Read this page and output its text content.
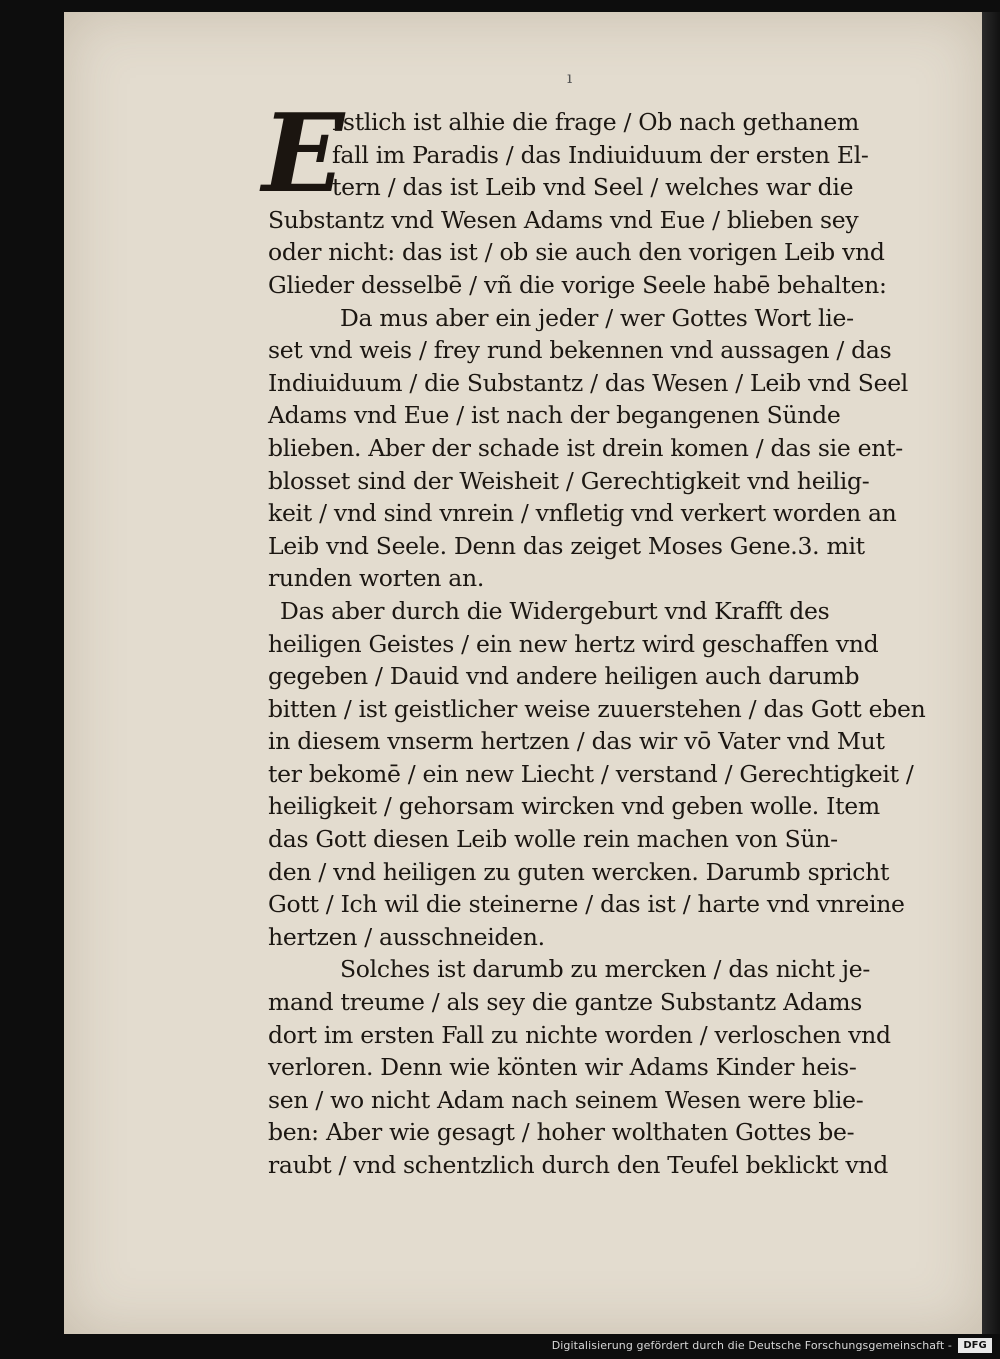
ı
E
rstlich ist alhie die frage / Ob nach gethanem
fall im Paradis / das Indiuiduum der ersten El-
tern / das ist Leib vnd Seel / welches war die
Substantz vnd Wesen Adams vnd Eue / blieben sey
oder nicht: das ist / ob sie auch den vorigen Leib vnd
Glieder desselbē / vñ die vorige Seele habē behalten:
Da mus aber ein jeder / wer Gottes Wort lie-
set vnd weis / frey rund bekennen vnd aussagen / das
Indiuiduum / die Substantz / das Wesen / Leib vnd Seel
Adams vnd Eue / ist nach der begangenen Sünde
blieben. Aber der schade ist drein komen / das sie ent-
blosset sind der Weisheit / Gerechtigkeit vnd heilig-
keit / vnd sind vnrein / vnfletig vnd verkert worden an
Leib vnd Seele. Denn das zeiget Moses Gene.3. mit
runden worten an.
Das aber durch die Widergeburt vnd Krafft des
heiligen Geistes / ein new hertz wird geschaffen vnd
gegeben / Dauid vnd andere heiligen auch darumb
bitten / ist geistlicher weise zuuerstehen / das Gott eben
in diesem vnserm hertzen / das wir vō Vater vnd Mut
ter bekomē / ein new Liecht / verstand / Gerechtigkeit /
heiligkeit / gehorsam wircken vnd geben wolle. Item
das Gott diesen Leib wolle rein machen von Sün-
den / vnd heiligen zu guten wercken. Darumb spricht
Gott / Ich wil die steinerne / das ist / harte vnd vnreine
hertzen / ausschneiden.
Solches ist darumb zu mercken / das nicht je-
mand treume / als sey die gantze Substantz Adams
dort im ersten Fall zu nichte worden / verloschen vnd
verloren. Denn wie könten wir Adams Kinder heis-
sen / wo nicht Adam nach seinem Wesen were blie-
ben: Aber wie gesagt / hoher wolthaten Gottes be-
raubt / vnd schentzlich durch den Teufel beklickt vnd
Digitalisierung gefördert durch die Deutsche Forschungsgemeinschaft -	DFG
